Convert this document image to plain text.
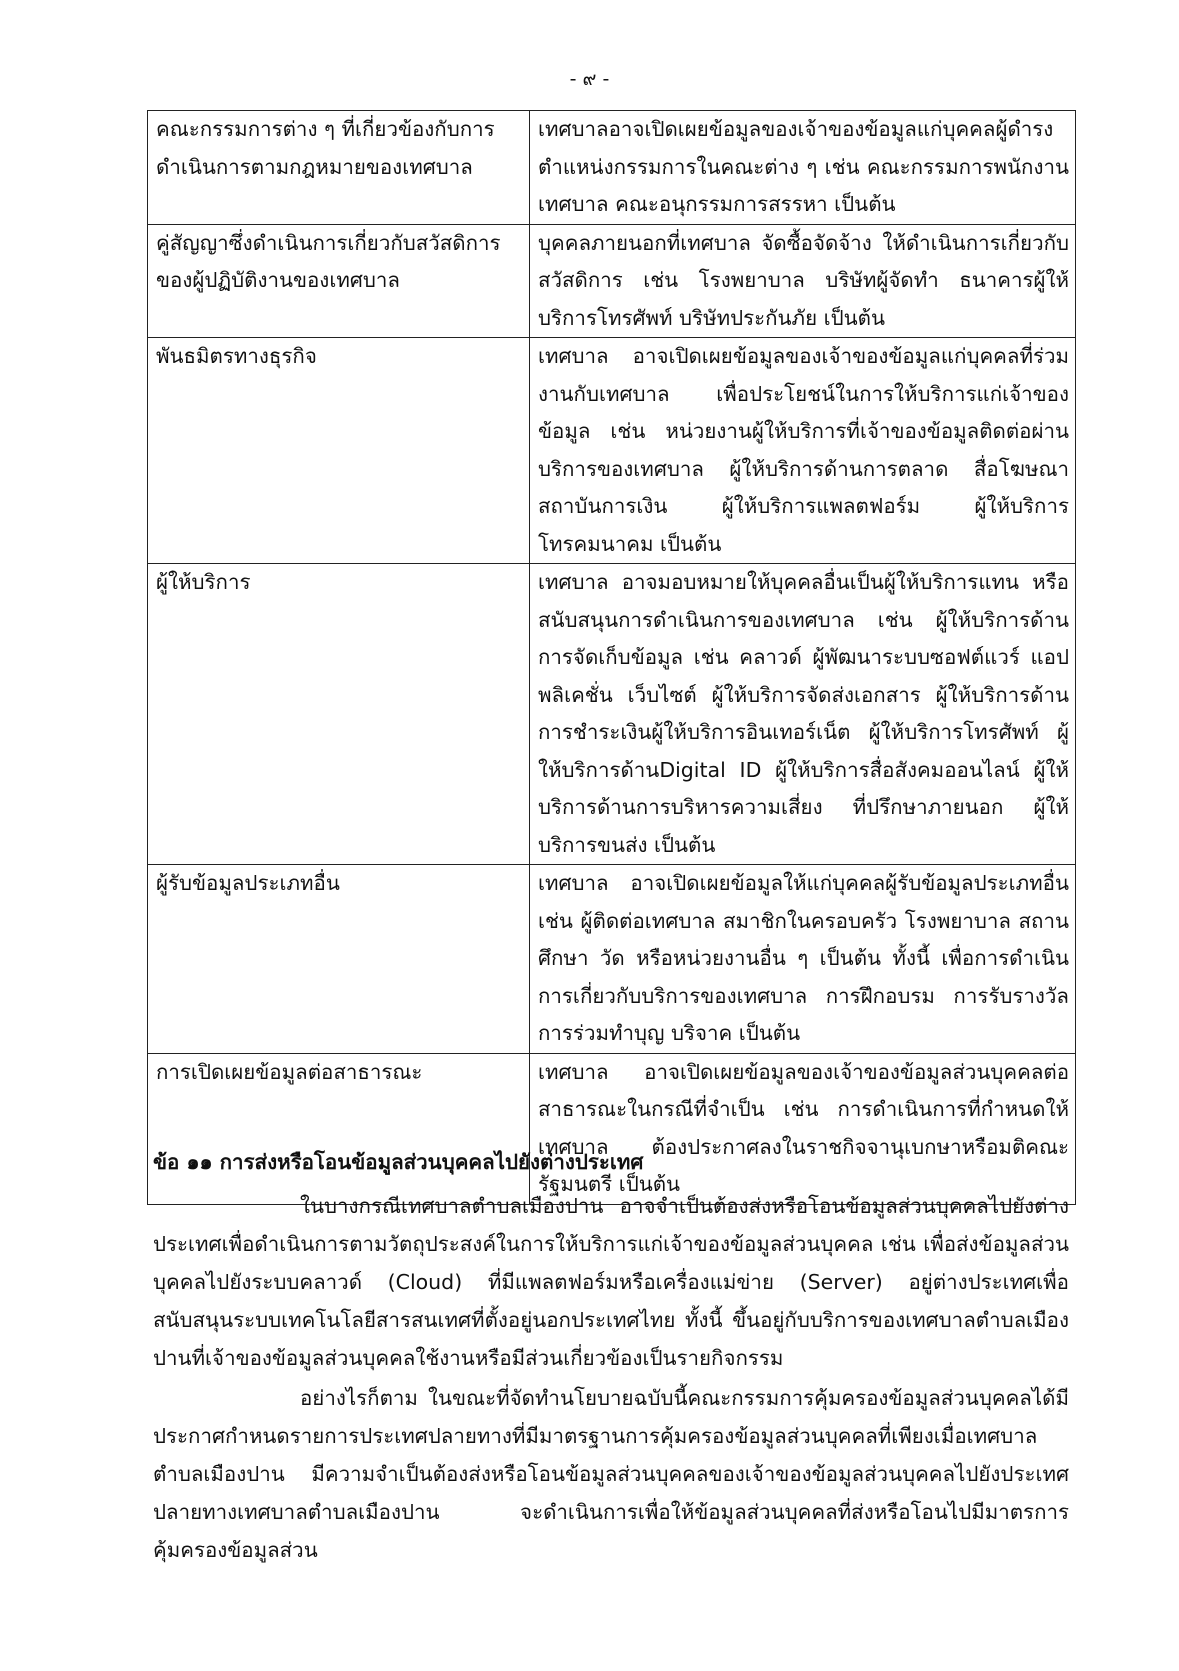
- ๙ -
คณะกรรมการต่าง ๆ ที่เกี่ยวข้องกับการดำเนินการตามกฎหมายของเทศบาล	เทศบาลอาจเปิดเผยข้อมูลของเจ้าของข้อมูลแก่บุคคลผู้ดำรงตำแหน่งกรรมการในคณะต่าง ๆ เช่น คณะกรรมการพนักงานเทศบาล คณะอนุกรรมการสรรหา เป็นต้น
คู่สัญญาซึ่งดำเนินการเกี่ยวกับสวัสดิการของผู้ปฏิบัติงานของเทศบาล	บุคคลภายนอกที่เทศบาล จัดซื้อจัดจ้าง ให้ดำเนินการเกี่ยวกับสวัสดิการ เช่น โรงพยาบาล บริษัทผู้จัดทำ ธนาคารผู้ให้บริการโทรศัพท์ บริษัทประกันภัย เป็นต้น
พันธมิตรทางธุรกิจ	เทศบาล อาจเปิดเผยข้อมูลของเจ้าของข้อมูลแก่บุคคลที่ร่วมงานกับเทศบาล เพื่อประโยชน์ในการให้บริการแก่เจ้าของข้อมูล เช่น หน่วยงานผู้ให้บริการที่เจ้าของข้อมูลติดต่อผ่านบริการของเทศบาล ผู้ให้บริการด้านการตลาด สื่อโฆษณา สถาบันการเงิน ผู้ให้บริการแพลตฟอร์ม ผู้ให้บริการโทรคมนาคม เป็นต้น
ผู้ให้บริการ	เทศบาล อาจมอบหมายให้บุคคลอื่นเป็นผู้ให้บริการแทน หรือสนับสนุนการดำเนินการของเทศบาล เช่น ผู้ให้บริการด้านการจัดเก็บข้อมูล เช่น คลาวด์ ผู้พัฒนาระบบซอฟต์แวร์ แอปพลิเคชั่น เว็บไซต์ ผู้ให้บริการจัดส่งเอกสาร ผู้ให้บริการด้านการชำระเงินผู้ให้บริการอินเทอร์เน็ต ผู้ให้บริการโทรศัพท์ ผู้ให้บริการด้านDigital ID ผู้ให้บริการสื่อสังคมออนไลน์ ผู้ให้บริการด้านการบริหารความเสี่ยง ที่ปรึกษาภายนอก ผู้ให้บริการขนส่ง เป็นต้น
ผู้รับข้อมูลประเภทอื่น	เทศบาล อาจเปิดเผยข้อมูลให้แก่บุคคลผู้รับข้อมูลประเภทอื่น เช่น ผู้ติดต่อเทศบาล สมาชิกในครอบครัว โรงพยาบาล สถานศึกษา วัด หรือหน่วยงานอื่น ๆ เป็นต้น ทั้งนี้ เพื่อการดำเนินการเกี่ยวกับบริการของเทศบาล การฝึกอบรม การรับรางวัล การร่วมทำบุญ บริจาค เป็นต้น
การเปิดเผยข้อมูลต่อสาธารณะ	เทศบาล อาจเปิดเผยข้อมูลของเจ้าของข้อมูลส่วนบุคคลต่อสาธารณะในกรณีที่จำเป็น เช่น การดำเนินการที่กำหนดให้เทศบาล ต้องประกาศลงในราชกิจจานุเบกษาหรือมติคณะรัฐมนตรี เป็นต้น
ข้อ ๑๑ การส่งหรือโอนข้อมูลส่วนบุคคลไปยังต่างประเทศ

ในบางกรณีเทศบาลตำบลเมืองปาน อาจจำเป็นต้องส่งหรือโอนข้อมูลส่วนบุคคลไปยังต่างประเทศเพื่อดำเนินการตามวัตถุประสงค์ในการให้บริการแก่เจ้าของข้อมูลส่วนบุคคล เช่น เพื่อส่งข้อมูลส่วนบุคคลไปยังระบบคลาวด์ (Cloud) ที่มีแพลตฟอร์มหรือเครื่องแม่ข่าย (Server) อยู่ต่างประเทศเพื่อสนับสนุนระบบเทคโนโลยีสารสนเทศที่ตั้งอยู่นอกประเทศไทย ทั้งนี้ ขึ้นอยู่กับบริการของเทศบาลตำบลเมืองปานที่เจ้าของข้อมูลส่วนบุคคลใช้งานหรือมีส่วนเกี่ยวข้องเป็นรายกิจกรรม

อย่างไรก็ตาม ในขณะที่จัดทำนโยบายฉบับนี้คณะกรรมการคุ้มครองข้อมูลส่วนบุคคลได้มีประกาศกำหนดรายการประเทศปลายทางที่มีมาตรฐานการคุ้มครองข้อมูลส่วนบุคคลที่เพียงเมื่อเทศบาลตำบลเมืองปาน มีความจำเป็นต้องส่งหรือโอนข้อมูลส่วนบุคคลของเจ้าของข้อมูลส่วนบุคคลไปยังประเทศปลายทางเทศบาลตำบลเมืองปาน จะดำเนินการเพื่อให้ข้อมูลส่วนบุคคลที่ส่งหรือโอนไปมีมาตรการคุ้มครองข้อมูลส่วน
